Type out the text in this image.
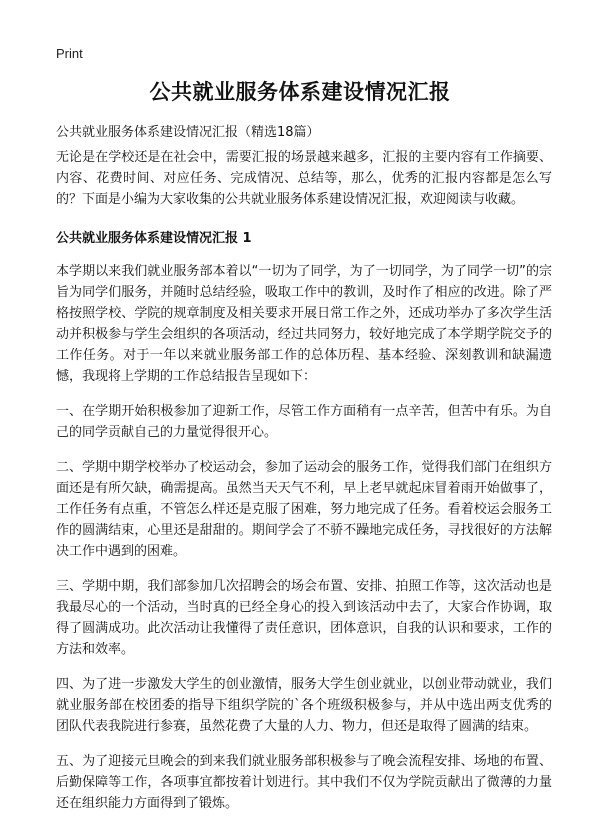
Print

公共就业服务体系建设情况汇报

公共就业服务体系建设情况汇报（精选18篇）

无论是在学校还是在社会中，需要汇报的场景越来越多，汇报的主要内容有工作摘要、内容、花费时间、对应任务、完成情况、总结等，那么，优秀的汇报内容都是怎么写的？下面是小编为大家收集的公共就业服务体系建设情况汇报，欢迎阅读与收藏。

公共就业服务体系建设情况汇报 1

本学期以来我们就业服务部本着以“一切为了同学，为了一切同学，为了同学一切”的宗旨为同学们服务，并随时总结经验，吸取工作中的教训，及时作了相应的改进。除了严格按照学校、学院的规章制度及相关要求开展日常工作之外，还成功举办了多次学生活动并积极参与学生会组织的各项活动，经过共同努力，较好地完成了本学期学院交予的工作任务。对于一年以来就业服务部工作的总体历程、基本经验、深刻教训和缺漏遗憾，我现将上学期的工作总结报告呈现如下：

一、在学期开始积极参加了迎新工作，尽管工作方面稍有一点辛苦，但苦中有乐。为自己的同学贡献自己的力量觉得很开心。

二、学期中期学校举办了校运动会，参加了运动会的服务工作，觉得我们部门在组织方面还是有所欠缺，确需提高。虽然当天天气不利，早上老早就起床冒着雨开始做事了，工作任务有点重，不管怎么样还是克服了困难，努力地完成了任务。看着校运会服务工作的圆满结束，心里还是甜甜的。期间学会了不骄不躁地完成任务，寻找很好的方法解决工作中遇到的困难。

三、学期中期，我们部参加几次招聘会的场会布置、安排、拍照工作等，这次活动也是我最尽心的一个活动，当时真的已经全身心的投入到该活动中去了，大家合作协调，取得了圆满成功。此次活动让我懂得了责任意识，团体意识，自我的认识和要求，工作的方法和效率。

四、为了进一步激发大学生的创业激情，服务大学生创业就业，以创业带动就业，我们就业服务部在校团委的指导下组织学院的`各个班级积极参与，并从中选出两支优秀的团队代表我院进行参赛，虽然花费了大量的人力、物力，但还是取得了圆满的结束。

五、为了迎接元旦晚会的到来我们就业服务部积极参与了晚会流程安排、场地的布置、后勤保障等工作，各项事宜都按着计划进行。其中我们不仅为学院贡献出了微薄的力量还在组织能力方面得到了锻炼。
